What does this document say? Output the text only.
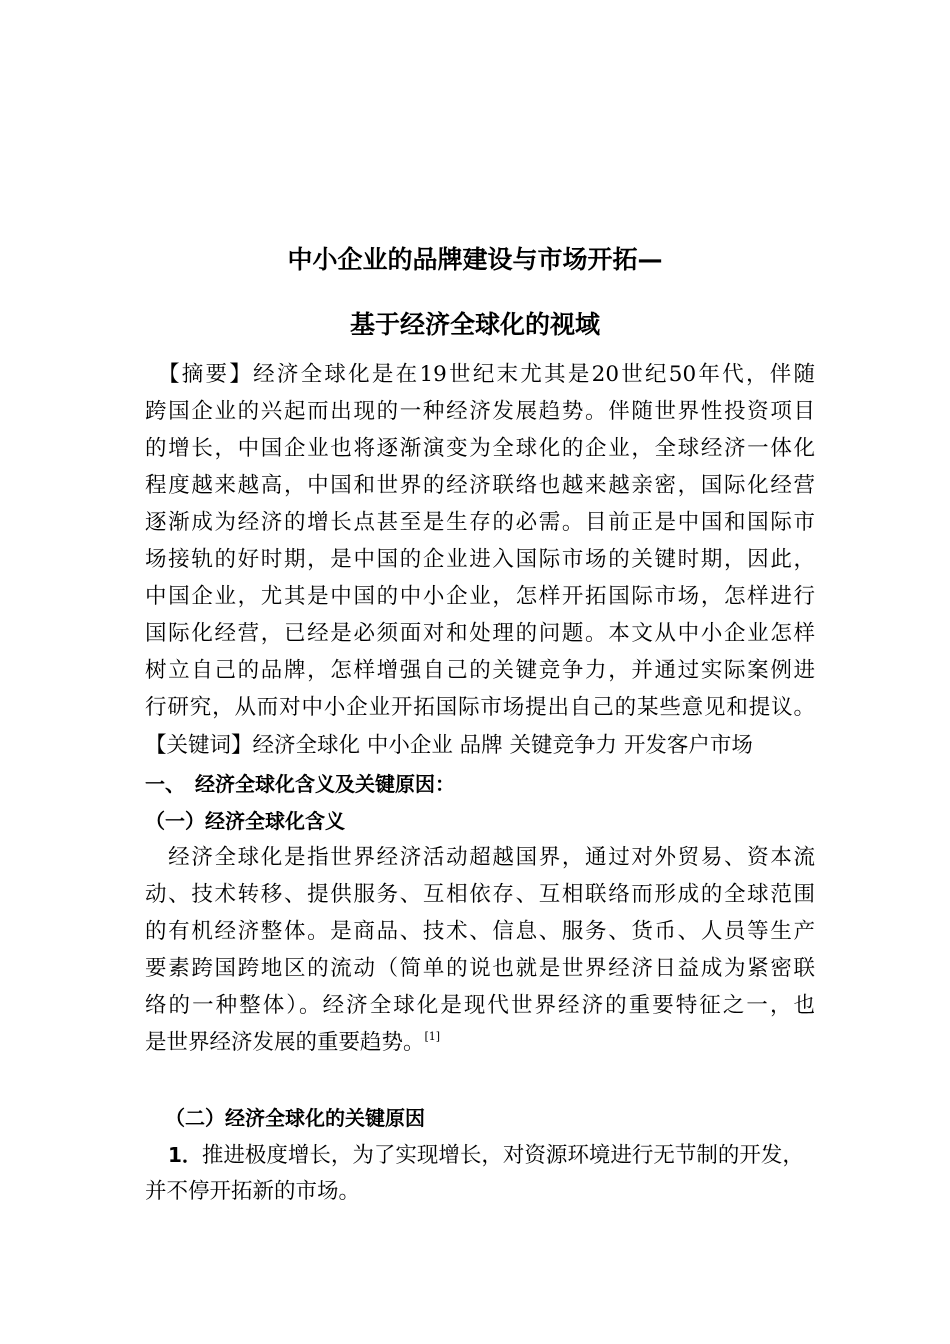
中小企业的品牌建设与市场开拓—
基于经济全球化的视域
　【摘要】经济全球化是在19世纪末尤其是20世纪50年代，伴随
跨国企业的兴起而出现的一种经济发展趋势。伴随世界性投资项目
的增长，中国企业也将逐渐演变为全球化的企业，全球经济一体化
程度越来越高，中国和世界的经济联络也越来越亲密，国际化经营
逐渐成为经济的增长点甚至是生存的必需。目前正是中国和国际市
场接轨的好时期，是中国的企业进入国际市场的关键时期，因此，
中国企业，尤其是中国的中小企业，怎样开拓国际市场，怎样进行
国际化经营，已经是必须面对和处理的问题。本文从中小企业怎样
树立自己的品牌，怎样增强自己的关键竞争力，并通过实际案例进
行研究，从而对中小企业开拓国际市场提出自己的某些意见和提议。
【关键词】经济全球化 中小企业 品牌 关键竞争力 开发客户市场
一、　经济全球化含义及关键原因：
（一）经济全球化含义
　经济全球化是指世界经济活动超越国界，通过对外贸易、资本流
动、技术转移、提供服务、互相依存、互相联络而形成的全球范围
的有机经济整体。是商品、技术、信息、服务、货币、人员等生产
要素跨国跨地区的流动（简单的说也就是世界经济日益成为紧密联
络的一种整体）。经济全球化是现代世界经济的重要特征之一，也
是世界经济发展的重要趋势。[1]
（二）经济全球化的关键原因
1．推进极度增长，为了实现增长，对资源环境进行无节制的开发，
并不停开拓新的市场。
